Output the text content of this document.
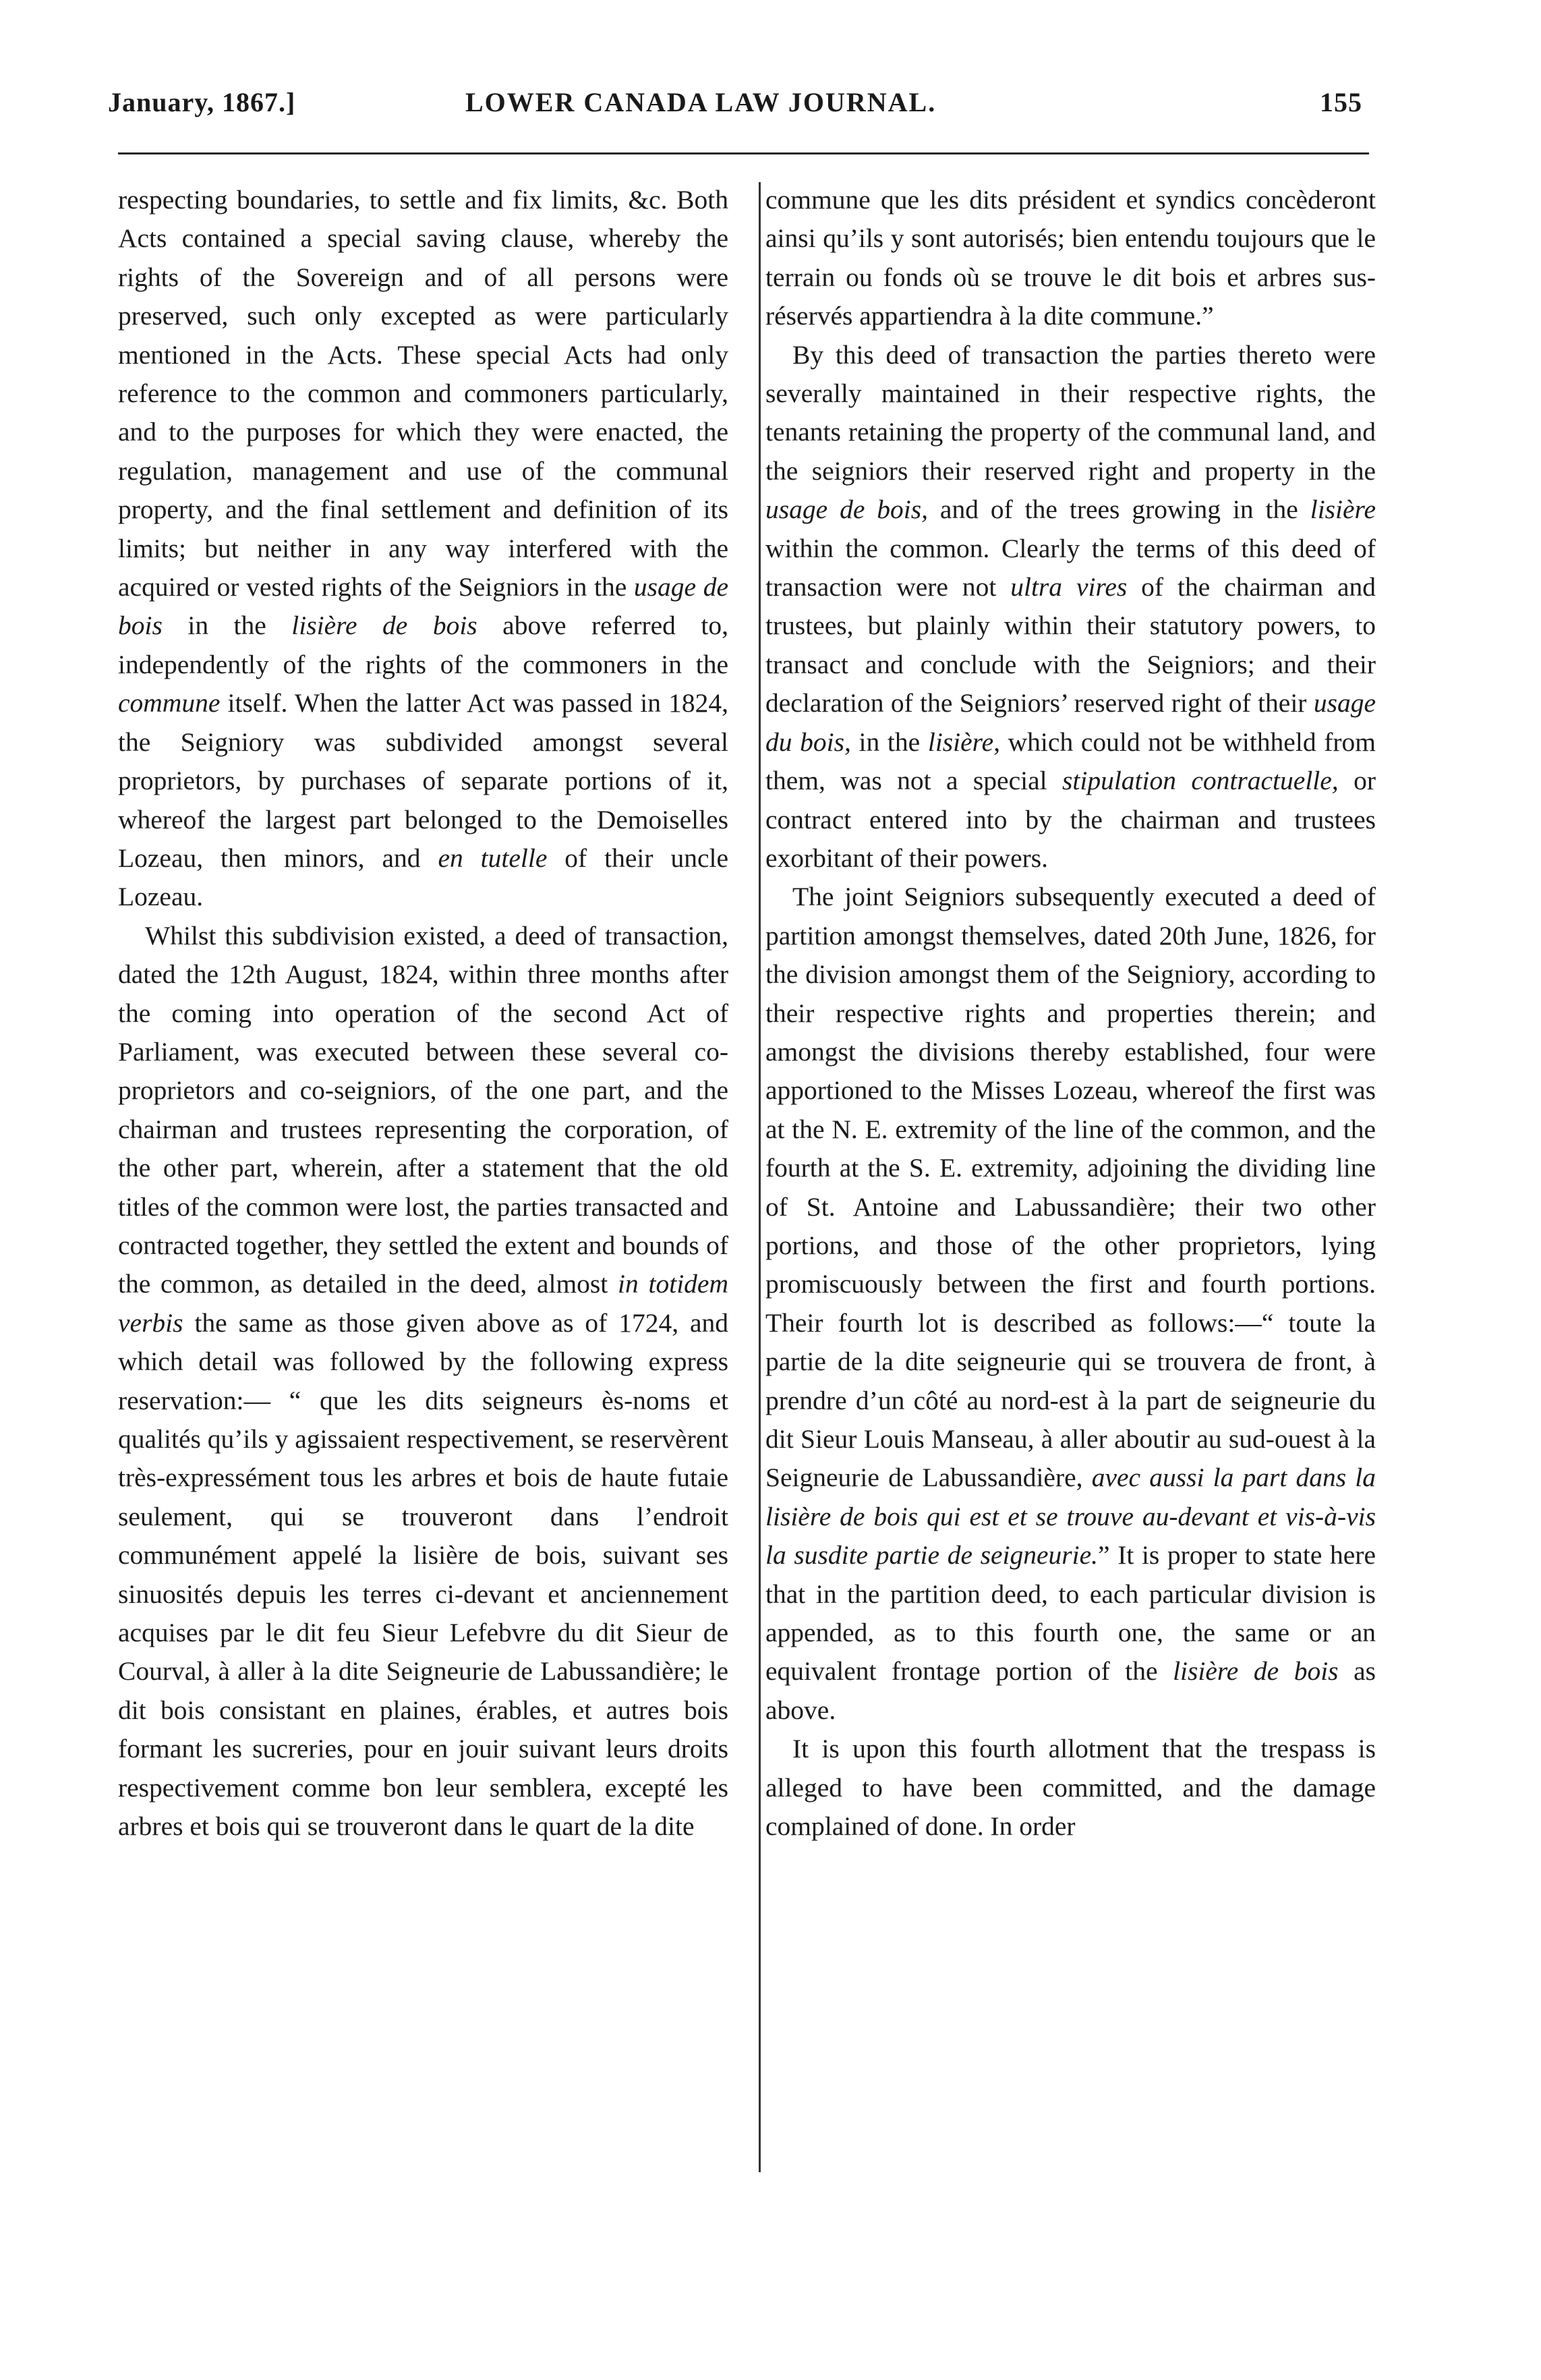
January, 1867.]	LOWER CANADA LAW JOURNAL.	155

respecting boundaries, to settle and fix limits, &c. Both Acts contained a special saving clause, whereby the rights of the Sovereign and of all persons were preserved, such only excepted as were particularly mentioned in the Acts. These special Acts had only reference to the common and commoners particularly, and to the purposes for which they were enacted, the regulation, management and use of the communal property, and the final settlement and definition of its limits; but neither in any way interfered with the acquired or vested rights of the Seigniors in the usage de bois in the lisière de bois above referred to, independently of the rights of the commoners in the commune itself. When the latter Act was passed in 1824, the Seigniory was subdivided amongst several proprietors, by purchases of separate portions of it, whereof the largest part belonged to the Demoiselles Lozeau, then minors, and en tutelle of their uncle Lozeau.

Whilst this subdivision existed, a deed of transaction, dated the 12th August, 1824, within three months after the coming into operation of the second Act of Parliament, was executed between these several co-proprietors and co-seigniors, of the one part, and the chairman and trustees representing the corporation, of the other part, wherein, after a statement that the old titles of the common were lost, the parties transacted and contracted together, they settled the extent and bounds of the common, as detailed in the deed, almost in totidem verbis the same as those given above as of 1724, and which detail was followed by the following express reservation:— “ que les dits seigneurs ès-noms et qualités qu’ils y agissaient respectivement, se reservèrent très-expressément tous les arbres et bois de haute futaie seulement, qui se trouveront dans l’endroit communément appelé la lisière de bois, suivant ses sinuosités depuis les terres ci-devant et anciennement acquises par le dit feu Sieur Lefebvre du dit Sieur de Courval, à aller à la dite Seigneurie de Labussandière; le dit bois consistant en plaines, érables, et autres bois formant les sucreries, pour en jouir suivant leurs droits respectivement comme bon leur semblera, excepté les arbres et bois qui se trouveront dans le quart de la dite

commune que les dits président et syndics concèderont ainsi qu’ils y sont autorisés; bien entendu toujours que le terrain ou fonds où se trouve le dit bois et arbres sus-réservés appartiendra à la dite commune.”

By this deed of transaction the parties thereto were severally maintained in their respective rights, the tenants retaining the property of the communal land, and the seigniors their reserved right and property in the usage de bois, and of the trees growing in the lisière within the common. Clearly the terms of this deed of transaction were not ultra vires of the chairman and trustees, but plainly within their statutory powers, to transact and conclude with the Seigniors; and their declaration of the Seigniors’ reserved right of their usage du bois, in the lisière, which could not be withheld from them, was not a special stipulation contractuelle, or contract entered into by the chairman and trustees exorbitant of their powers.

The joint Seigniors subsequently executed a deed of partition amongst themselves, dated 20th June, 1826, for the division amongst them of the Seigniory, according to their respective rights and properties therein; and amongst the divisions thereby established, four were apportioned to the Misses Lozeau, whereof the first was at the N. E. extremity of the line of the common, and the fourth at the S. E. extremity, adjoining the dividing line of St. Antoine and Labussandière; their two other portions, and those of the other proprietors, lying promiscuously between the first and fourth portions. Their fourth lot is described as follows:—“ toute la partie de la dite seigneurie qui se trouvera de front, à prendre d’un côté au nord-est à la part de seigneurie du dit Sieur Louis Manseau, à aller aboutir au sud-ouest à la Seigneurie de Labussandière, avec aussi la part dans la lisière de bois qui est et se trouve au-devant et vis-à-vis la susdite partie de seigneurie.” It is proper to state here that in the partition deed, to each particular division is appended, as to this fourth one, the same or an equivalent frontage portion of the lisière de bois as above.

It is upon this fourth allotment that the trespass is alleged to have been committed, and the damage complained of done. In order
